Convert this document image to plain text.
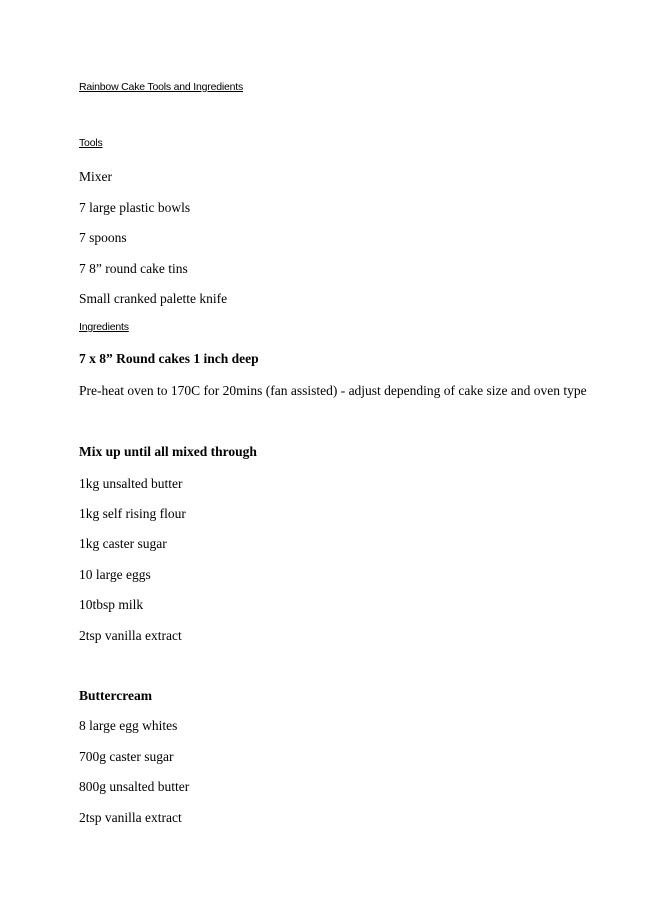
Rainbow Cake Tools and Ingredients
Tools
Mixer
7 large plastic bowls
7 spoons
7 8” round cake tins
Small cranked palette knife
Ingredients
7 x 8” Round cakes 1 inch deep
Pre-heat oven to 170C for 20mins (fan assisted) - adjust depending of cake size and oven type
Mix up until all mixed through
1kg unsalted butter
1kg self rising flour
1kg caster sugar
10 large eggs
10tbsp milk
2tsp vanilla extract
Buttercream
8 large egg whites
700g caster sugar
800g unsalted butter
2tsp vanilla extract
